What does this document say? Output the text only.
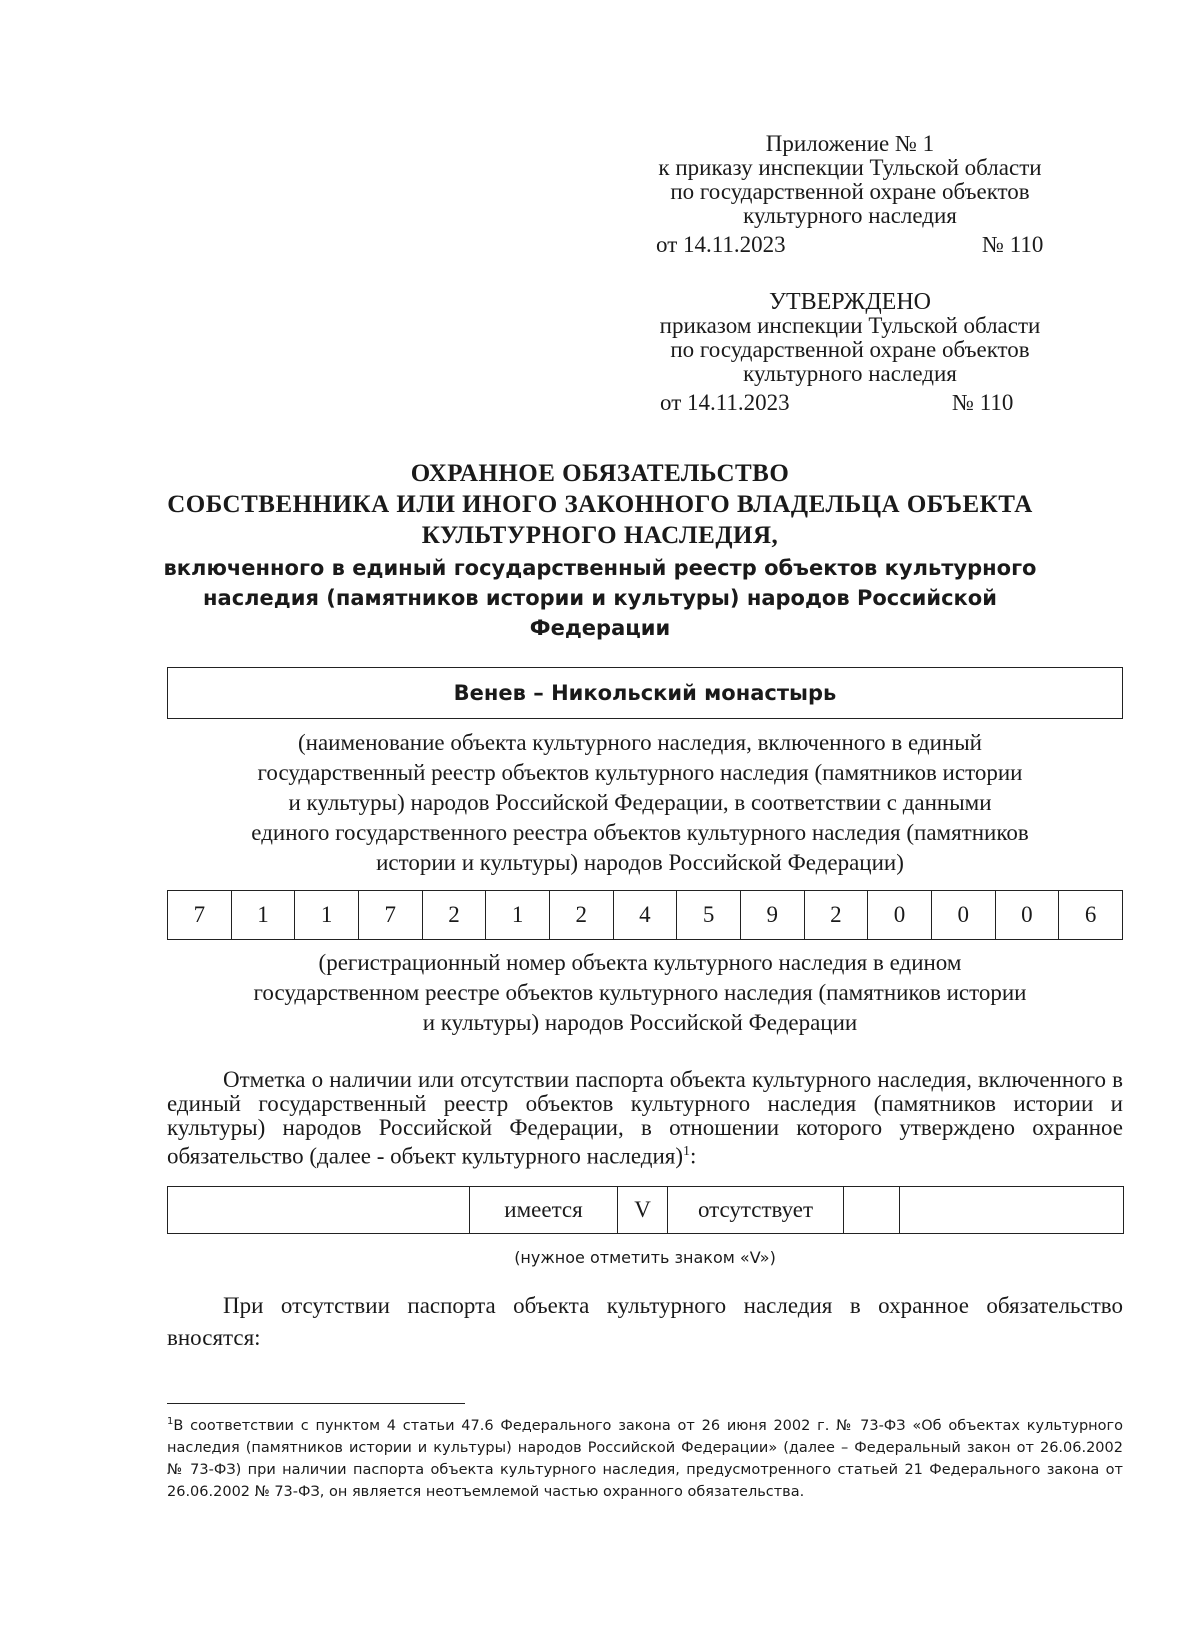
Приложение № 1
к приказу инспекции Тульской области
по государственной охране объектов
культурного наследия
от 14.11.2023	№ 110
УТВЕРЖДЕНО
приказом инспекции Тульской области
по государственной охране объектов
культурного наследия
от 14.11.2023	№ 110
ОХРАННОЕ ОБЯЗАТЕЛЬСТВО
СОБСТВЕННИКА ИЛИ ИНОГО ЗАКОННОГО ВЛАДЕЛЬЦА ОБЪЕКТА
КУЛЬТУРНОГО НАСЛЕДИЯ,
включенного в единый государственный реестр объектов культурного
наследия (памятников истории и культуры) народов Российской
Федерации
Венев – Никольский монастырь
(наименование объекта культурного наследия, включенного в единый
государственный реестр объектов культурного наследия (памятников истории
и культуры) народов Российской Федерации, в соответствии с данными
единого государственного реестра объектов культурного наследия (памятников
истории и культуры) народов Российской Федерации)
7	1	1	7	2	1	2	4	5	9	2	0	0	0	6
(регистрационный номер объекта культурного наследия в едином
государственном реестре объектов культурного наследия (памятников истории
и культуры) народов Российской Федерации
Отметка о наличии или отсутствии паспорта объекта культурного наследия, включенного в единый государственный реестр объектов культурного наследия (памятников истории и культуры) народов Российской Федерации, в отношении которого утверждено охранное обязательство (далее - объект культурного наследия)$^1$:
	имеется	V	отсутствует		
(нужное отметить знаком «V»)
При отсутствии паспорта объекта культурного наследия в охранное обязательство вносятся:
$^1$В соответствии с пунктом 4 статьи 47.6 Федерального закона от 26 июня 2002 г. № 73-ФЗ «Об объектах культурного наследия (памятников истории и культуры) народов Российской Федерации» (далее – Федеральный закон от 26.06.2002 № 73-ФЗ) при наличии паспорта объекта культурного наследия, предусмотренного статьей 21 Федерального закона от 26.06.2002 № 73-ФЗ, он является неотъемлемой частью охранного обязательства.
